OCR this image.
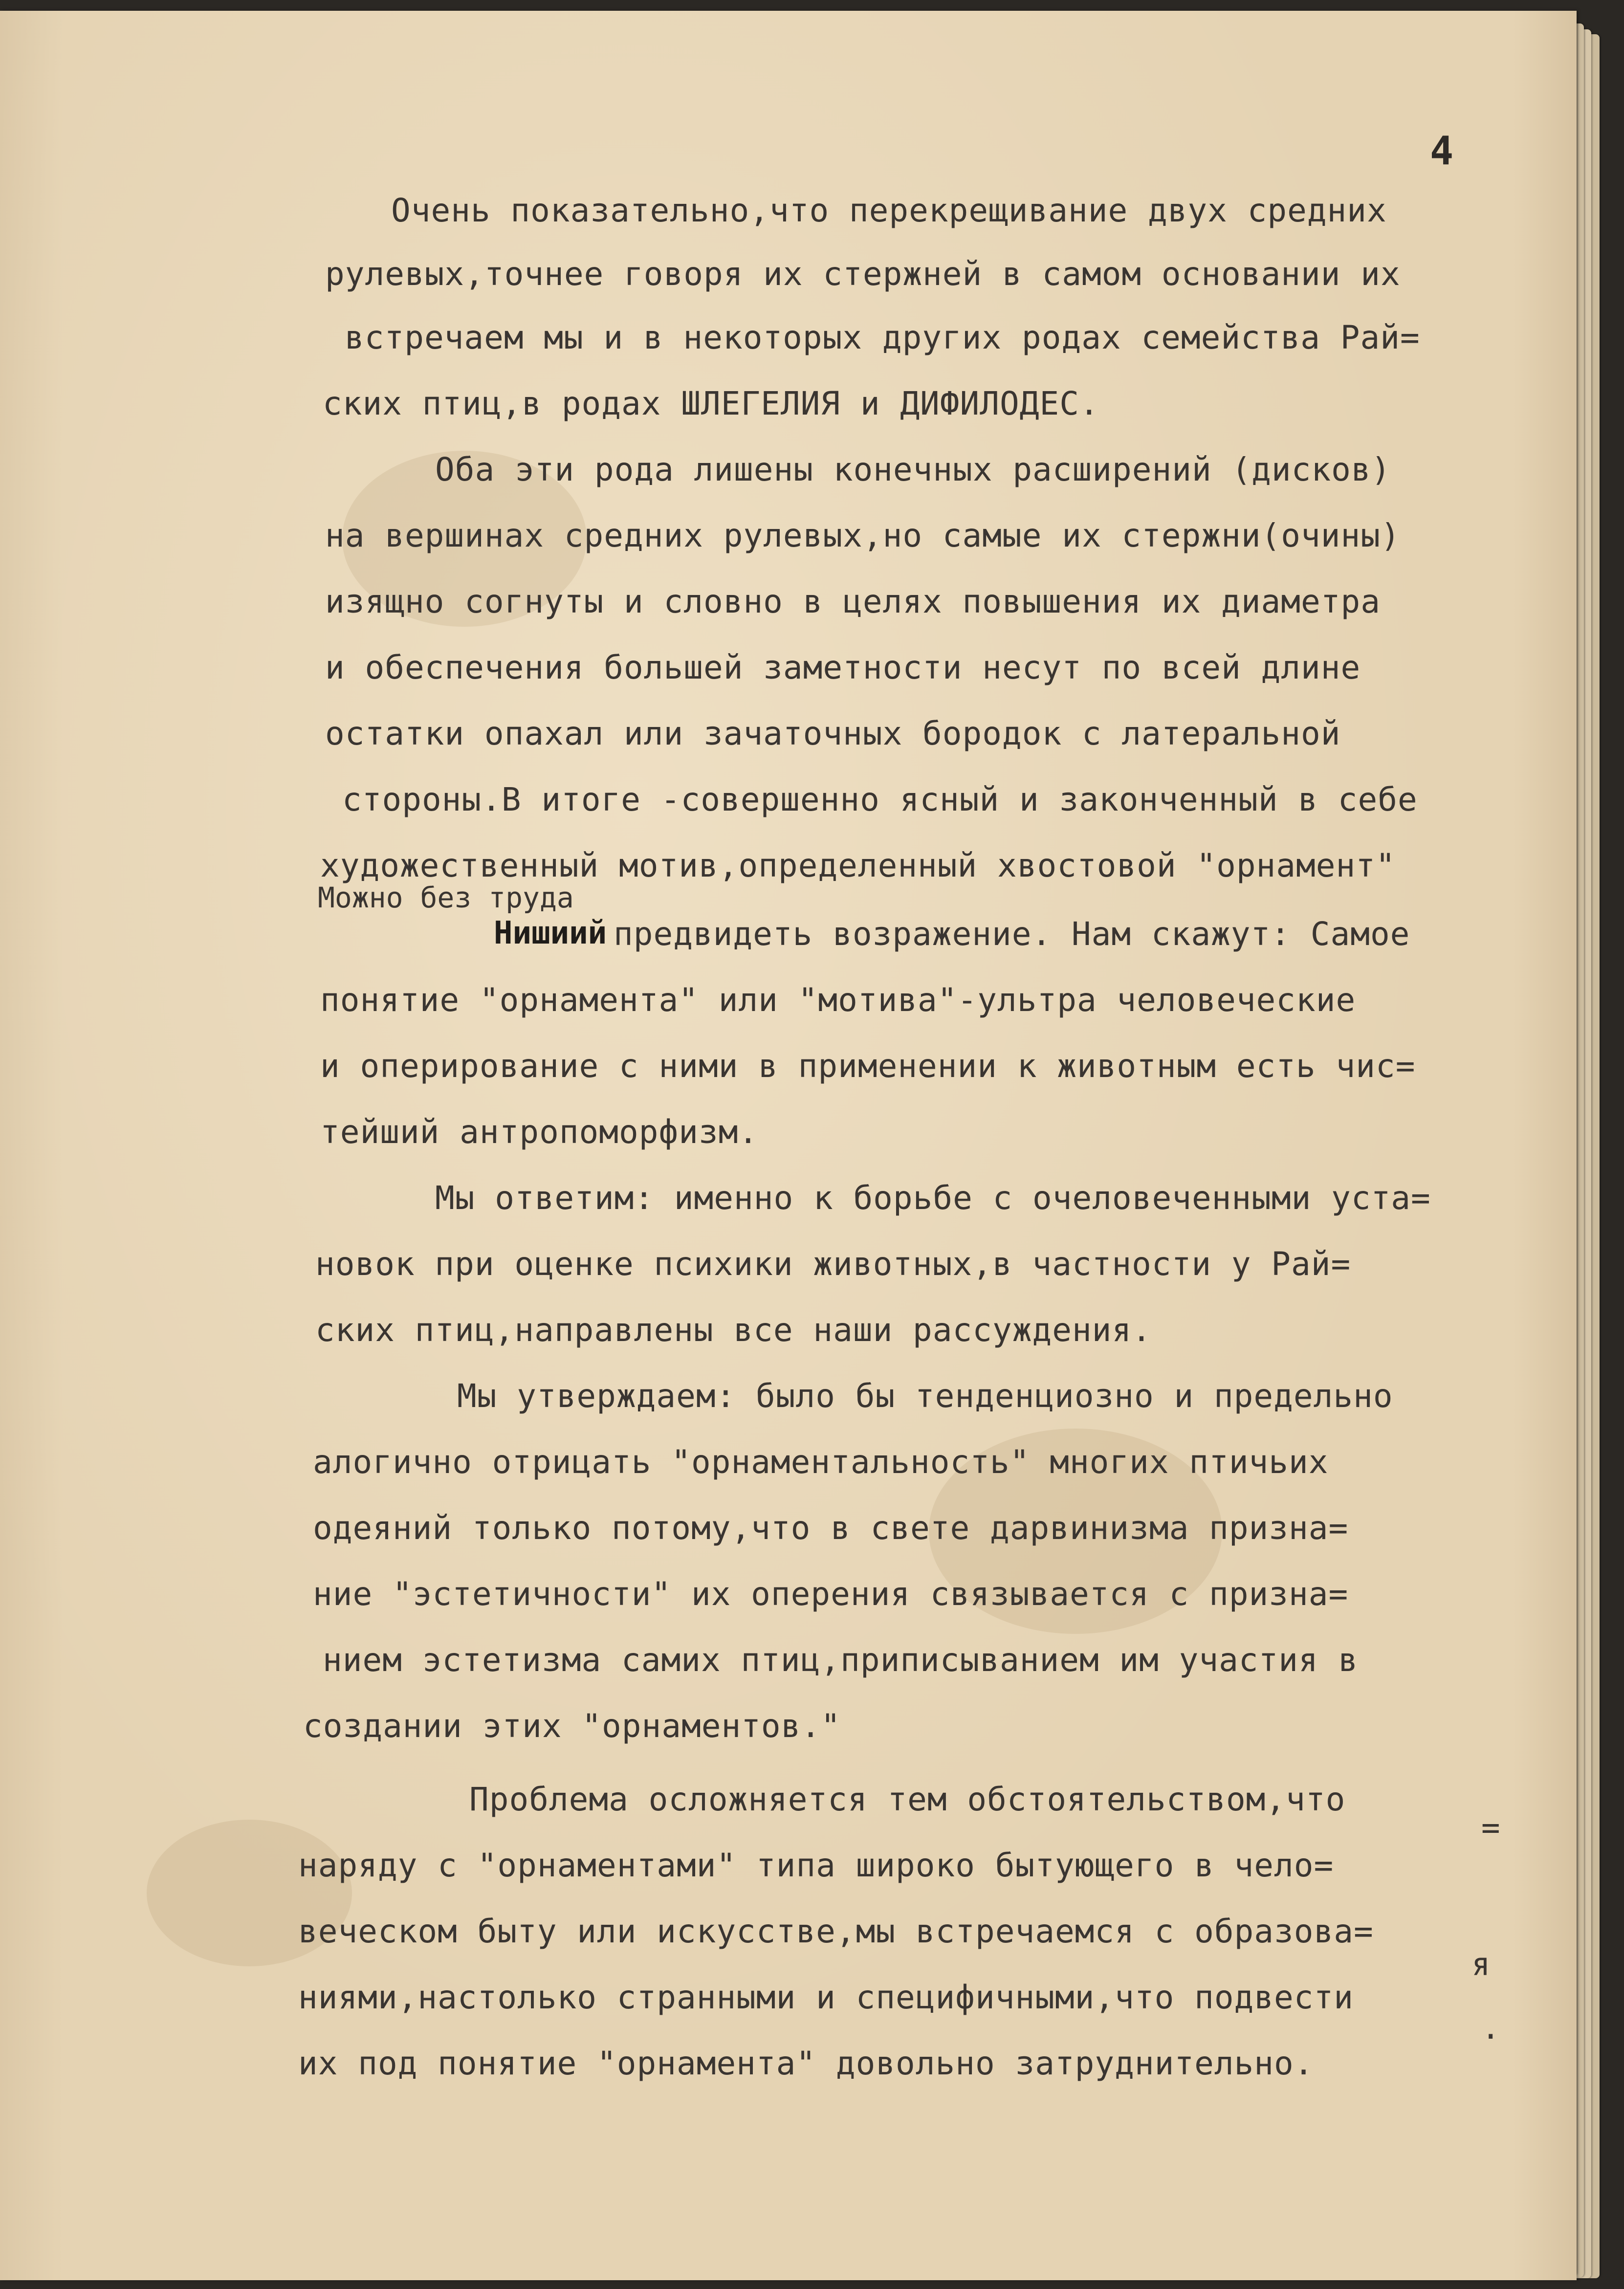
4
Очень показательно,что перекрещивание двух средних
рулевых,точнее говоря их стержней в самом основании их
встречаем мы и в некоторых других родах семейства Рай=
ских птиц,в родах ШЛЕГЕЛИЯ и ДИФИЛОДЕС.
Оба эти рода лишены конечных расширений (дисков)
на вершинах средних рулевых,но самые их стержни(очины)
изящно согнуты и словно в целях повышения их диаметра
и обеспечения большей заметности несут по всей длине
остатки опахал или зачаточных бородок с латеральной
стороны.В итоге -совершенно ясный и законченный в себе
художественный мотив,определенный хвостовой "орнамент"
Можно без труда
Нишиий предвидеть возражение. Нам скажут: Самое
понятие "орнамента" или "мотива"-ультра человеческие
и оперирование с ними в применении к животным есть чис=
тейший антропоморфизм.
Мы ответим: именно к борьбе с очеловеченными уста=
новок при оценке психики животных,в частности у Рай=
ских птиц,направлены все наши рассуждения.
Мы утверждаем: было бы тенденциозно и предельно
алогично отрицать "орнаментальность" многих птичьих
одеяний только потому,что в свете дарвинизма призна=
ние "эстетичности" их оперения связывается с призна=
нием эстетизма самих птиц,приписыванием им участия в
создании этих "орнаментов."
Проблема осложняется тем обстоятельством,что
наряду с "орнаментами" типа широко бытующего в чело=
веческом быту или искусстве,мы встречаемся с образова=
ниями,настолько странными и специфичными,что подвести
их под понятие "орнамента" довольно затруднительно.
=
я
.
